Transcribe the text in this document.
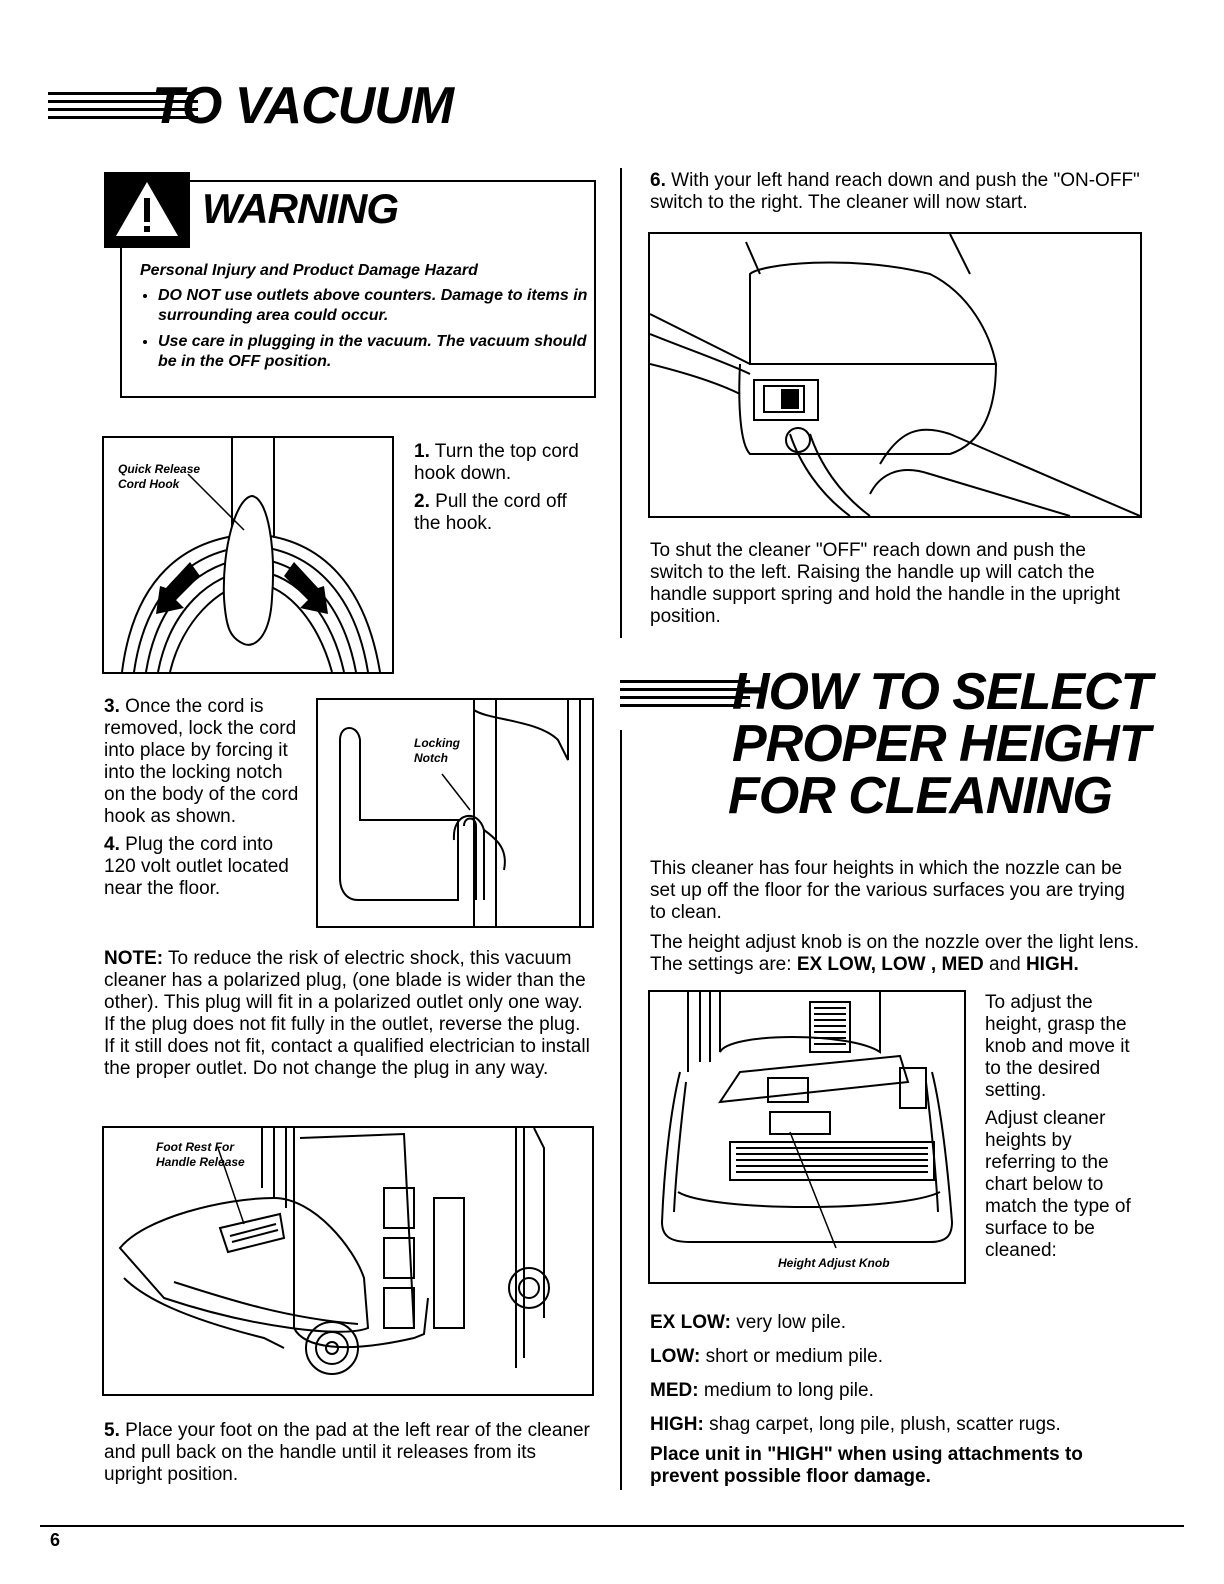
TO VACUUM
WARNING
Personal Injury and Product Damage Hazard
• DO NOT use outlets above counters. Damage to items in surrounding area could occur.
• Use care in plugging in the vacuum. The vacuum should be in the OFF position.
Quick Release Cord Hook

1. Turn the top cord hook down.

2. Pull the cord off the hook.

3. Once the cord is removed, lock the cord into place by forcing it into the locking notch on the body of the cord hook as shown.

4. Plug the cord into 120 volt outlet located near the floor.

Locking Notch
NOTE: To reduce the risk of electric shock, this vacuum cleaner has a polarized plug, (one blade is wider than the other). This plug will fit in a polarized outlet only one way. If the plug does not fit fully in the outlet, reverse the plug. If it still does not fit, contact a qualified electrician to install the proper outlet. Do not change the plug in any way.
Foot Rest For Handle Release
5. Place your foot on the pad at the left rear of the cleaner and pull back on the handle until it releases from its upright position.
6. With your left hand reach down and push the "ON-OFF" switch to the right. The cleaner will now start.
To shut the cleaner "OFF" reach down and push the switch to the left. Raising the handle up will catch the handle support spring and hold the handle in the upright position.
HOW TO SELECT
PROPER HEIGHT
FOR CLEANING
This cleaner has four heights in which the nozzle can be set up off the floor for the various surfaces you are trying to clean.
The height adjust knob is on the nozzle over the light lens. The settings are: EX LOW, LOW , MED and HIGH.
Height Adjust Knob

To adjust the height, grasp the knob and move it to the desired setting.

Adjust cleaner heights by referring to the chart below to match the type of surface to be cleaned:

EX LOW: very low pile.

LOW: short or medium pile.

MED: medium to long pile.

HIGH: shag carpet, long pile, plush, scatter rugs.

Place unit in "HIGH" when using attachments to prevent possible floor damage.
6
